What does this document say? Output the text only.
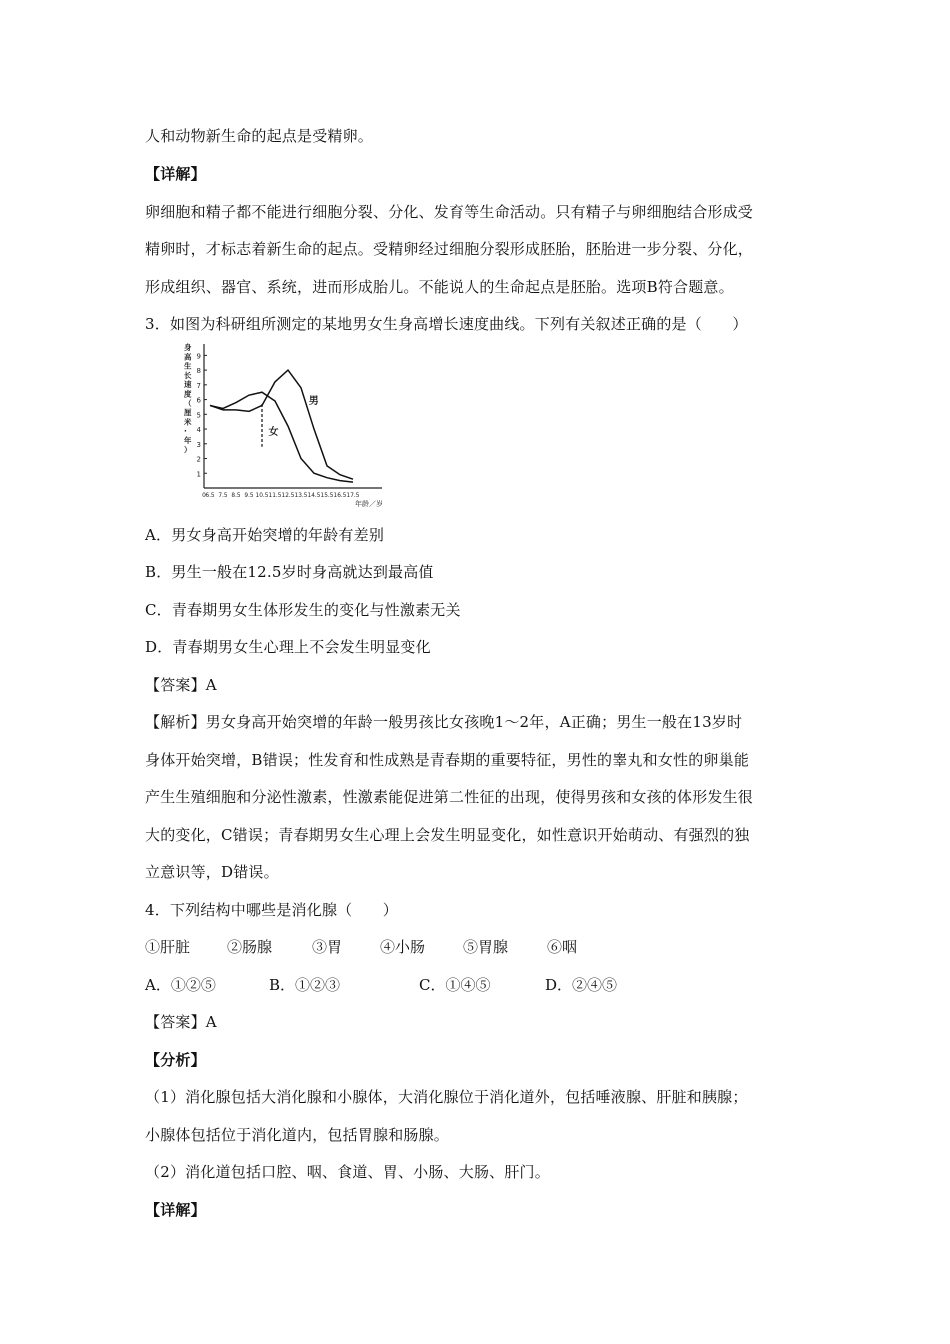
人和动物新生命的起点是受精卵。
【详解】
卵细胞和精子都不能进行细胞分裂、分化、发育等生命活动。只有精子与卵细胞结合形成受
精卵时，才标志着新生命的起点。受精卵经过细胞分裂形成胚胎，胚胎进一步分裂、分化，
形成组织、器官、系统，进而形成胎儿。不能说人的生命起点是胚胎。选项B符合题意。
3．如图为科研组所测定的某地男女生身高增长速度曲线。下列有关叙述正确的是（　　）
1
2
3
4
5
6
7
8
9
0 6.5 7.5 8.5 9.5 10.5 11.5 12.5 13.5 14.5 15.5 16.5 17.5
身高生长速度（厘米·年）
年龄／岁
男
女
A．男女身高开始突增的年龄有差别
B．男生一般在12.5岁时身高就达到最高值
C．青春期男女生体形发生的变化与性激素无关
D．青春期男女生心理上不会发生明显变化
【答案】A
【解析】男女身高开始突增的年龄一般男孩比女孩晚1～2年，A正确；男生一般在13岁时
身体开始突增，B错误；性发育和性成熟是青春期的重要特征，男性的睾丸和女性的卵巢能
产生生殖细胞和分泌性激素，性激素能促进第二性征的出现，使得男孩和女孩的体形发生很
大的变化，C错误；青春期男女生心理上会发生明显变化，如性意识开始萌动、有强烈的独
立意识等，D错误。
4．下列结构中哪些是消化腺（　　）
①肝脏 ②肠腺	③胃	④小肠	⑤胃腺	⑥咽
A．①②⑤	B．①②③	C．①④⑤	D．②④⑤
【答案】A
【分析】
（1）消化腺包括大消化腺和小腺体，大消化腺位于消化道外，包括唾液腺、肝脏和胰腺；
小腺体包括位于消化道内，包括胃腺和肠腺。
（2）消化道包括口腔、咽、食道、胃、小肠、大肠、肝门。
【详解】
